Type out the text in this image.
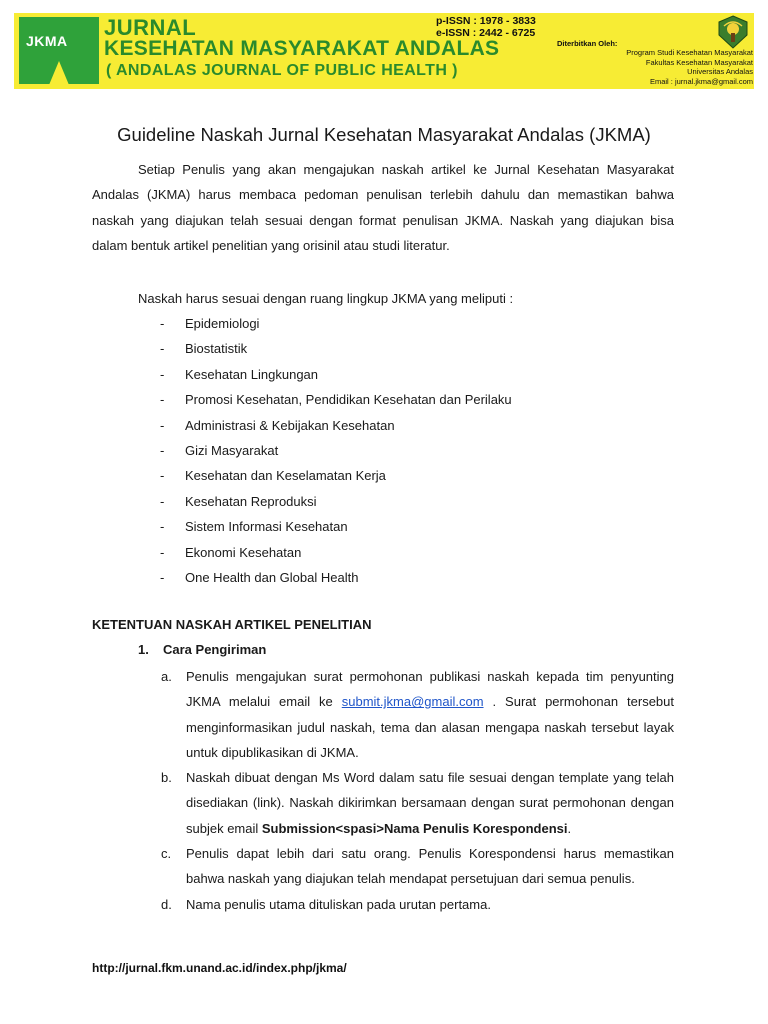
JKMA
JURNAL
KESEHATAN MASYARAKAT ANDALAS
( ANDALAS JOURNAL OF PUBLIC HEALTH )
p-ISSN : 1978 - 3833
e-ISSN : 2442 - 6725
Diterbitkan Oleh:
Program Studi Kesehatan Masyarakat
Fakultas Kesehatan Masyarakat
Universitas Andalas
Email : jurnal.jkma@gmail.com
Guideline Naskah Jurnal Kesehatan Masyarakat Andalas (JKMA)
Setiap Penulis yang akan mengajukan naskah artikel ke Jurnal Kesehatan Masyarakat Andalas (JKMA) harus membaca pedoman penulisan terlebih dahulu dan memastikan bahwa naskah yang diajukan telah sesuai dengan format penulisan JKMA. Naskah yang diajukan bisa dalam bentuk artikel penelitian yang orisinil atau studi literatur.
Naskah harus sesuai dengan ruang lingkup JKMA yang meliputi :
- Epidemiologi
- Biostatistik
- Kesehatan Lingkungan
- Promosi Kesehatan, Pendidikan Kesehatan dan Perilaku
- Administrasi & Kebijakan Kesehatan
- Gizi Masyarakat
- Kesehatan dan Keselamatan Kerja
- Kesehatan Reproduksi
- Sistem Informasi Kesehatan
- Ekonomi Kesehatan
- One Health dan Global Health
KETENTUAN NASKAH ARTIKEL PENELITIAN
1. Cara Pengiriman
a. Penulis mengajukan surat permohonan publikasi naskah kepada tim penyunting JKMA melalui email ke submit.jkma@gmail.com . Surat permohonan tersebut menginformasikan judul naskah, tema dan alasan mengapa naskah tersebut layak untuk dipublikasikan di JKMA.
b. Naskah dibuat dengan Ms Word dalam satu file sesuai dengan template yang telah disediakan (link). Naskah dikirimkan bersamaan dengan surat permohonan dengan subjek email Submission<spasi>Nama Penulis Korespondensi.
c. Penulis dapat lebih dari satu orang. Penulis Korespondensi harus memastikan bahwa naskah yang diajukan telah mendapat persetujuan dari semua penulis.
d. Nama penulis utama dituliskan pada urutan pertama.
http://jurnal.fkm.unand.ac.id/index.php/jkma/
